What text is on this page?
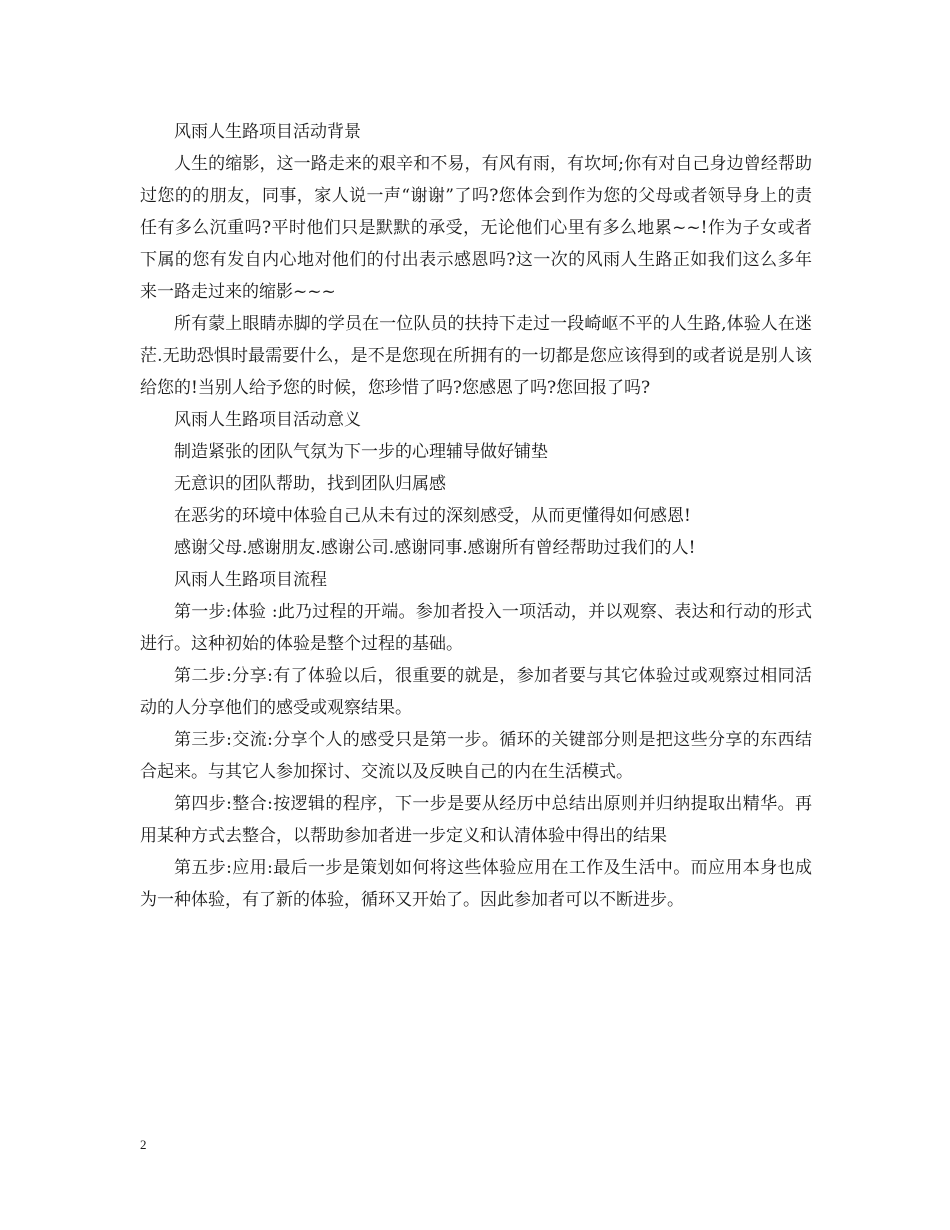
风雨人生路项目活动背景

人生的缩影，这一路走来的艰辛和不易，有风有雨，有坎坷;你有对自己身边曾经帮助过您的的朋友，同事，家人说一声“谢谢”了吗?您体会到作为您的父母或者领导身上的责任有多么沉重吗?平时他们只是默默的承受，无论他们心里有多么地累~~!作为子女或者下属的您有发自内心地对他们的付出表示感恩吗?这一次的风雨人生路正如我们这么多年来一路走过来的缩影~~~

所有蒙上眼睛赤脚的学员在一位队员的扶持下走过一段崎岖不平的人生路,体验人在迷茫.无助恐惧时最需要什么，是不是您现在所拥有的一切都是您应该得到的或者说是别人该给您的!当别人给予您的时候，您珍惜了吗?您感恩了吗?您回报了吗?

风雨人生路项目活动意义

制造紧张的团队气氛为下一步的心理辅导做好铺垫

无意识的团队帮助，找到团队归属感

在恶劣的环境中体验自己从未有过的深刻感受，从而更懂得如何感恩!

感谢父母.感谢朋友.感谢公司.感谢同事.感谢所有曾经帮助过我们的人!

风雨人生路项目流程

第一步:体验 :此乃过程的开端。参加者投入一项活动，并以观察、表达和行动的形式进行。这种初始的体验是整个过程的基础。

第二步:分享:有了体验以后，很重要的就是，参加者要与其它体验过或观察过相同活动的人分享他们的感受或观察结果。

第三步:交流:分享个人的感受只是第一步。循环的关键部分则是把这些分享的东西结合起来。与其它人参加探讨、交流以及反映自己的内在生活模式。

第四步:整合:按逻辑的程序，下一步是要从经历中总结出原则并归纳提取出精华。再用某种方式去整合，以帮助参加者进一步定义和认清体验中得出的结果

第五步:应用:最后一步是策划如何将这些体验应用在工作及生活中。而应用本身也成为一种体验，有了新的体验，循环又开始了。因此参加者可以不断进步。

2
